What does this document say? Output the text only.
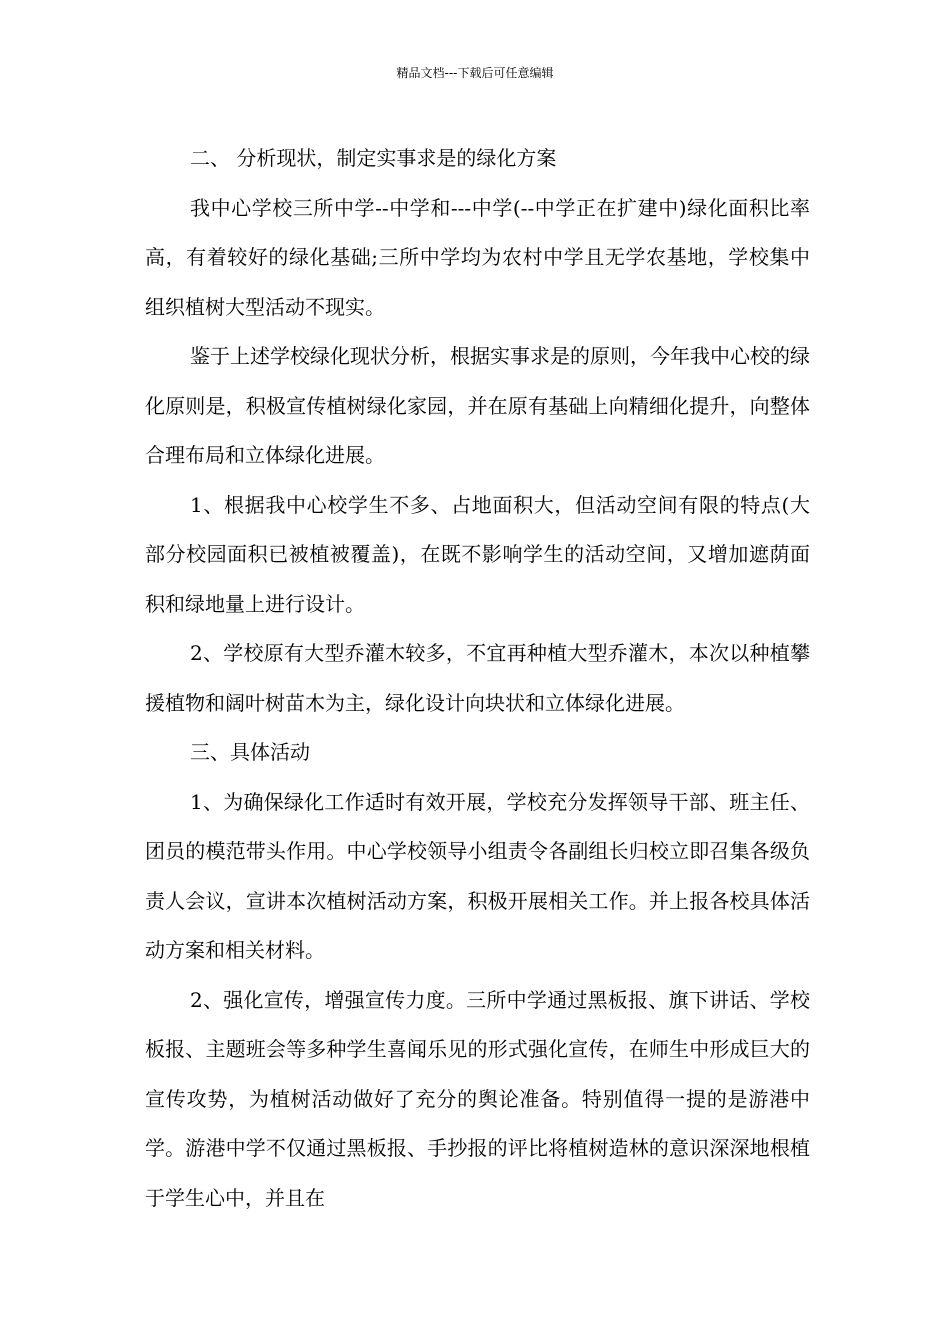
精品文档---下载后可任意编辑

二、 分析现状，制定实事求是的绿化方案

我中心学校三所中学--中学和---中学(--中学正在扩建中)绿化面积比率高，有着较好的绿化基础;三所中学均为农村中学且无学农基地，学校集中组织植树大型活动不现实。

鉴于上述学校绿化现状分析，根据实事求是的原则，今年我中心校的绿化原则是，积极宣传植树绿化家园，并在原有基础上向精细化提升，向整体合理布局和立体绿化进展。

1、根据我中心校学生不多、占地面积大，但活动空间有限的特点(大部分校园面积已被植被覆盖)，在既不影响学生的活动空间，又增加遮荫面积和绿地量上进行设计。

2、学校原有大型乔灌木较多，不宜再种植大型乔灌木，本次以种植攀援植物和阔叶树苗木为主，绿化设计向块状和立体绿化进展。

三、具体活动

1、为确保绿化工作适时有效开展，学校充分发挥领导干部、班主任、团员的模范带头作用。中心学校领导小组责令各副组长归校立即召集各级负责人会议，宣讲本次植树活动方案，积极开展相关工作。并上报各校具体活动方案和相关材料。

2、强化宣传，增强宣传力度。三所中学通过黑板报、旗下讲话、学校板报、主题班会等多种学生喜闻乐见的形式强化宣传，在师生中形成巨大的宣传攻势，为植树活动做好了充分的舆论准备。特别值得一提的是游港中学。游港中学不仅通过黑板报、手抄报的评比将植树造林的意识深深地根植于学生心中，并且在
